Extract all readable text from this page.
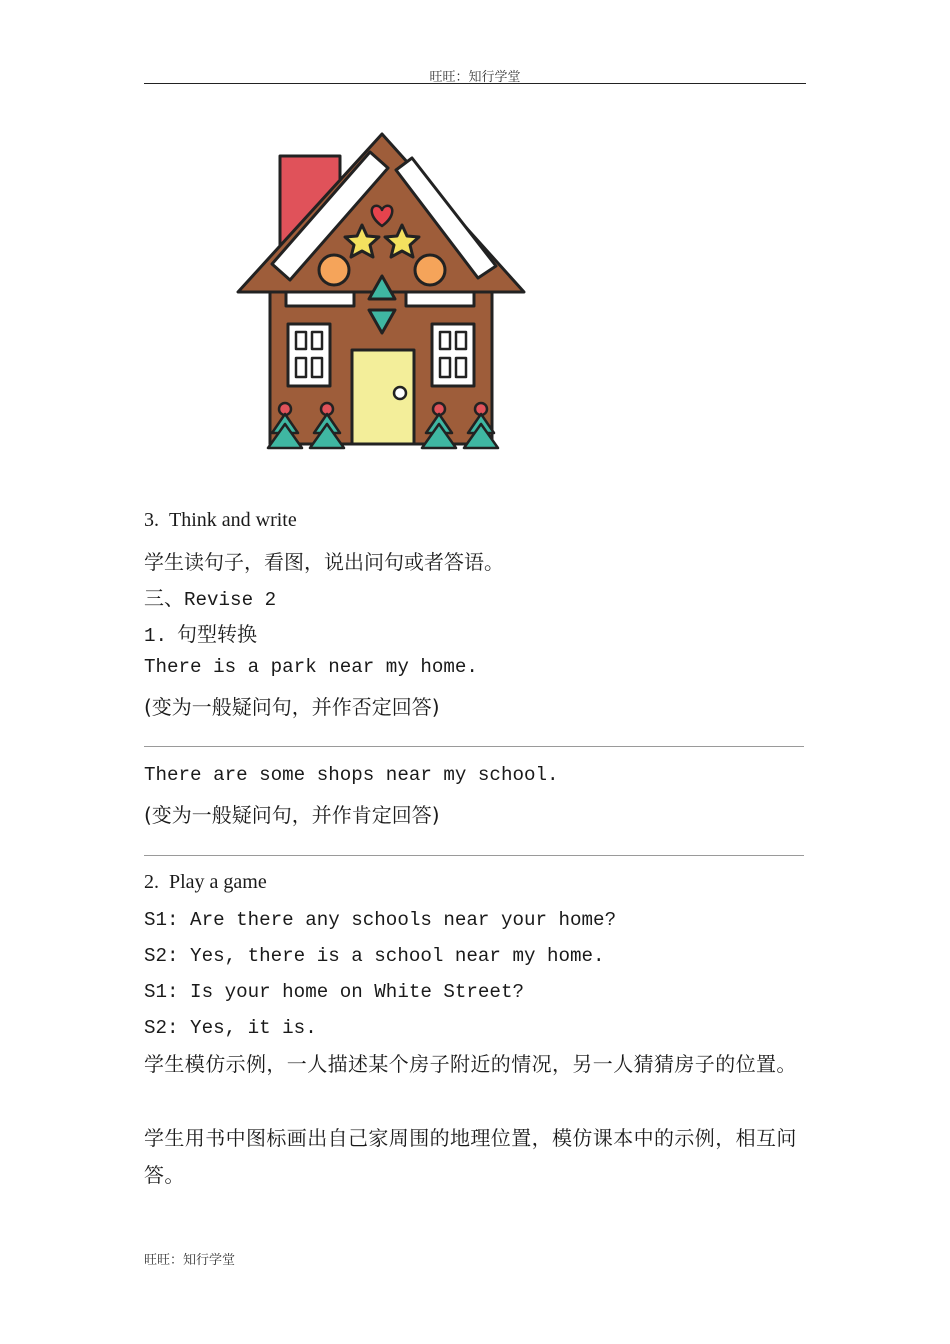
旺旺：知行学堂
3. Think and write
学生读句子，看图，说出问句或者答语。
三、Revise 2
1. 句型转换
There is a park near my home.
(变为一般疑问句，并作否定回答)
There are some shops near my school.
(变为一般疑问句，并作肯定回答)
2. Play a game
S1: Are there any schools near your home?
S2: Yes, there is a school near my home.
S1: Is your home on White Street?
S2: Yes, it is.
学生模仿示例，一人描述某个房子附近的情况，另一人猜猜房子的位置。
学生用书中图标画出自己家周围的地理位置，模仿课本中的示例，相互问答。
旺旺：知行学堂
